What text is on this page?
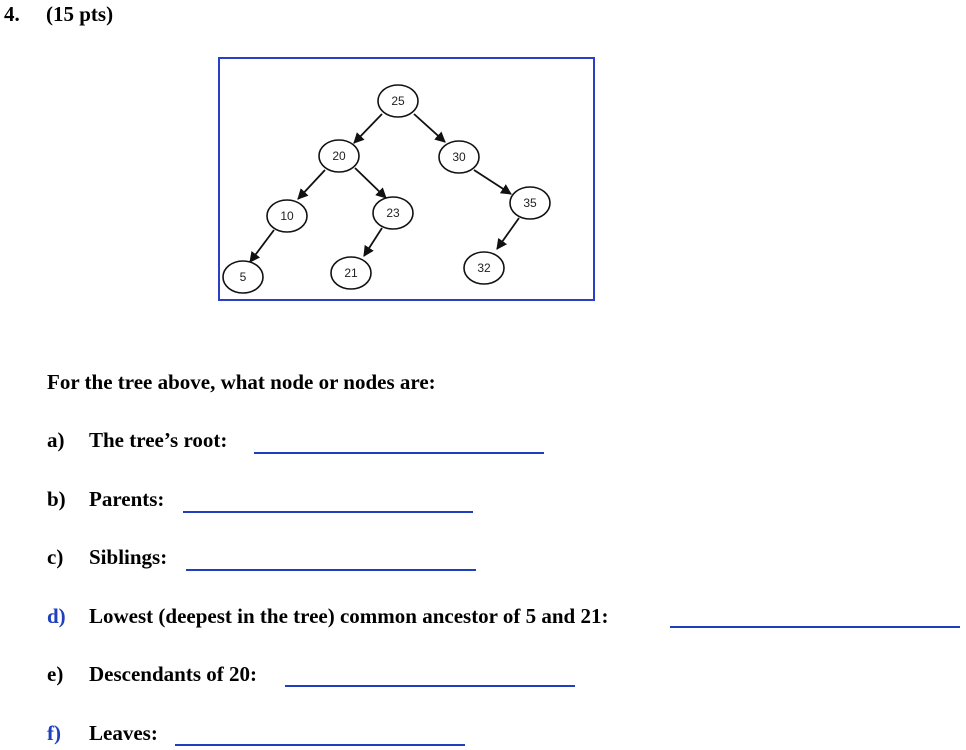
4. (15 pts)
25
20	30
10	23
35
5	21	32
For the tree above, what node or nodes are:
a) The tree’s root:
b) Parents:
c) Siblings:
d) Lowest (deepest in the tree) common ancestor of 5 and 21:
e) Descendants of 20:
f) Leaves:
